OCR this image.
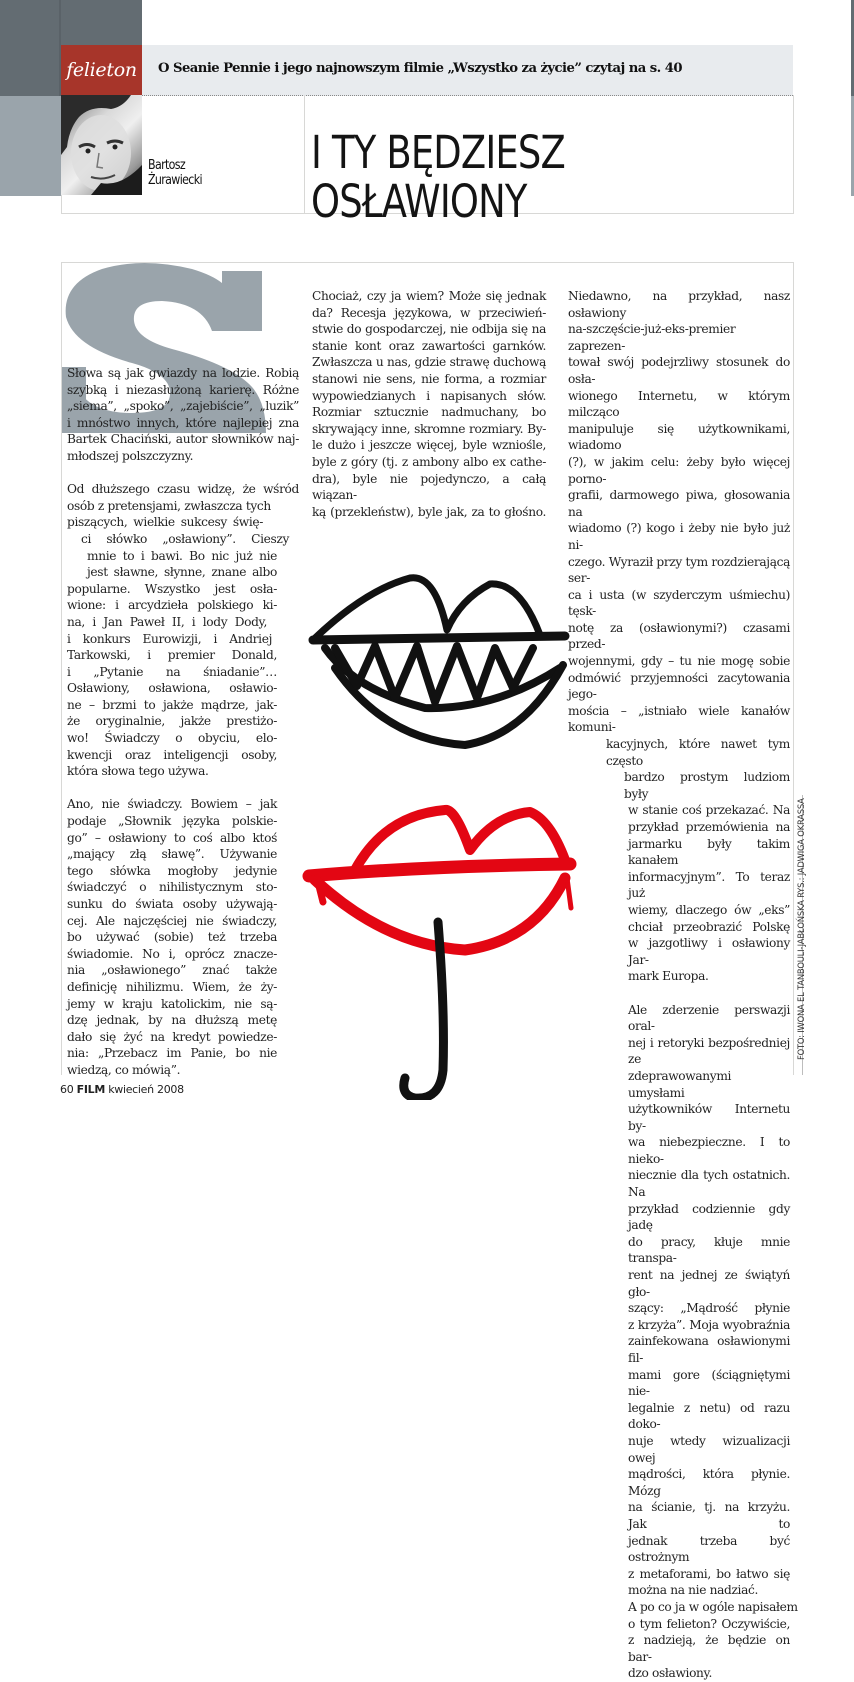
felieton	O Seanie Pennie i jego najnowszym filmie „Wszystko za życie” czytaj na s. 40
Bartosz
Żurawiecki
I TY BĘDZIESZ
OSŁAWIONY

Słowa są jak gwiazdy na lodzie. Robią
szybką i niezasłużoną karierę. Różne
„siema”, „spoko”, „zajebiście”, „luzik”
i mnóstwo innych, które najlepiej zna
Bartek Chaciński, autor słowników naj-
młodszej polszczyzny.

Od dłuższego czasu widzę, że wśród
osób z pretensjami, zwłaszcza tych
piszących, wielkie sukcesy świę-
ci słówko „osławiony”. Cieszy
mnie to i bawi. Bo nic już nie
jest sławne, słynne, znane albo
popularne. Wszystko jest osła-
wione: i arcydzieła polskiego ki-
na, i Jan Paweł II, i lody Dody,
i konkurs Eurowizji, i Andriej
Tarkowski, i premier Donald,
i „Pytanie na śniadanie”…
Osławiony, osławiona, osławio-
ne – brzmi to jakże mądrze, jak-
że oryginalnie, jakże prestiżo-
wo! Świadczy o obyciu, elo-
kwencji oraz inteligencji osoby,
która słowa tego używa.

Ano, nie świadczy. Bowiem – jak
podaje „Słownik języka polskie-
go” – osławiony to coś albo ktoś
„mający złą sławę”. Używanie
tego słówka mogłoby jedynie
świadczyć o nihilistycznym sto-
sunku do świata osoby używają-
cej. Ale najczęściej nie świadczy,
bo używać (sobie) też trzeba
świadomie. No i, oprócz znacze-
nia „osławionego” znać także
definicję nihilizmu. Wiem, że ży-
jemy w kraju katolickim, nie są-
dzę jednak, by na dłuższą metę
dało się żyć na kredyt powiedze-
nia: „Przebacz im Panie, bo nie
wiedzą, co mówią”.

Chociaż, czy ja wiem? Może się jednak
da? Recesja językowa, w przeciwień-
stwie do gospodarczej, nie odbija się na
stanie kont oraz zawartości garnków.
Zwłaszcza u nas, gdzie strawę duchową
stanowi nie sens, nie forma, a rozmiar
wypowiedzianych i napisanych słów.
Rozmiar sztucznie nadmuchany, bo
skrywający inne, skromne rozmiary. By-
le dużo i jeszcze więcej, byle wzniośle,
byle z góry (tj. z ambony albo ex cathe-
dra), byle nie pojedynczo, a całą wiązan-
ką (przekleństw), byle jak, za to głośno.

Niedawno, na przykład, nasz osławiony
na-szczęście-już-eks-premier zaprezen-
tował swój podejrzliwy stosunek do osła-
wionego Internetu, w którym milcząco
manipuluje się użytkownikami, wiadomo
(?), w jakim celu: żeby było więcej porno-
grafii, darmowego piwa, głosowania na
wiadomo (?) kogo i żeby nie było już ni-
czego. Wyraził przy tym rozdzierającą ser-
ca i usta (w szyderczym uśmiechu) tęsk-
notę za (osławionymi?) czasami przed-
wojennymi, gdy – tu nie mogę sobie
odmówić przyjemności zacytowania jego-
mościa – „istniało wiele kanałów komuni-
kacyjnych, które nawet tym często
bardzo prostym ludziom były
w stanie coś przekazać. Na
przykład przemówienia na
jarmarku były takim kanałem
informacyjnym”. To teraz już
wiemy, dlaczego ów „eks”
chciał przeobrazić Polskę
w jazgotliwy i osławiony Jar-
mark Europa.

Ale zderzenie perswazji oral-
nej i retoryki bezpośredniej ze
zdeprawowanymi umysłami
użytkowników Internetu by-
wa niebezpieczne. I to nieko-
niecznie dla tych ostatnich. Na
przykład codziennie gdy jadę
do pracy, kłuje mnie transpa-
rent na jednej ze świątyń gło-
szący: „Mądrość płynie
z krzyża”. Moja wyobraźnia
zainfekowana osławionymi fil-
mami gore (ściągniętymi nie-
legalnie z netu) od razu doko-
nuje wtedy wizualizacji owej
mądrości, która płynie. Mózg
na ścianie, tj. na krzyżu. Jak to
jednak trzeba być ostrożnym
z metaforami, bo łatwo się
można na nie nadziać.
A po co ja w ogóle napisałem
o tym felieton? Oczywiście,
z nadzieją, że będzie on bar-
dzo osławiony.

FOTO: IWONA EL TANBOULI-JABŁOŃSKA RYS.: JADWIGA OKRASSA
60 FILM kwiecień 2008
